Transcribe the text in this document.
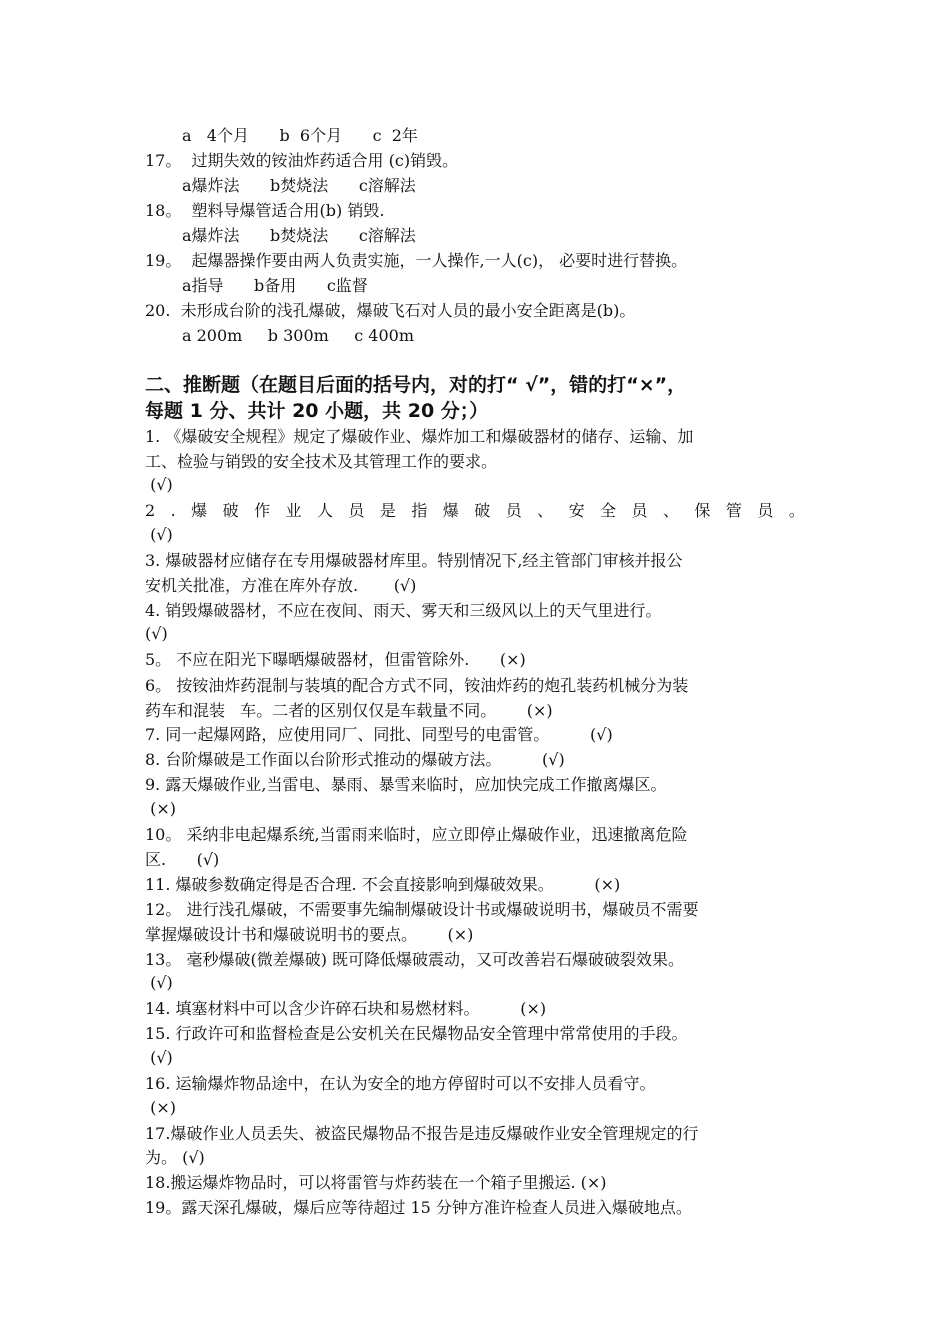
a   4个月      b  6个月      c  2年
17。  过期失效的铵油炸药适合用 (c)销毁。
a爆炸法      b焚烧法      c溶解法
18。  塑料导爆管适合用(b) 销毁.
a爆炸法      b焚烧法      c溶解法
19。  起爆器操作要由两人负责实施，一人操作,一人(c)， 必要时进行替换。
a指导      b备用      c监督
20.  未形成台阶的浅孔爆破，爆破飞石对人员的最小安全距离是(b)。
a 200m     b 300m     c 400m
二、推断题（在题目后面的括号内，对的打“ √”，错的打“×”，
每题 1 分、共计 20 小题，共 20 分；）
1. 《爆破安全规程》规定了爆破作业、爆炸加工和爆破器材的储存、运输、加
工、检验与销毁的安全技术及其管理工作的要求。
(√)
2 . 爆 破 作 业 人 员 是 指 爆 破 员 、 安 全 员 、 保 管 员 。
(√)
3. 爆破器材应储存在专用爆破器材库里。特别情况下,经主管部门审核并报公
安机关批准，方准在库外存放.       (√)
4. 销毁爆破器材，不应在夜间、雨天、雾天和三级风以上的天气里进行。
(√)
5。 不应在阳光下曝晒爆破器材，但雷管除外.      (×)
6。 按铵油炸药混制与装填的配合方式不同，铵油炸药的炮孔装药机械分为装
药车和混装   车。二者的区别仅仅是车载量不同。      (×)
7. 同一起爆网路，应使用同厂、同批、同型号的电雷管。        (√)
8. 台阶爆破是工作面以台阶形式推动的爆破方法。        (√)
9. 露天爆破作业,当雷电、暴雨、暴雪来临时，应加快完成工作撤离爆区。
(×)
10。 采纳非电起爆系统,当雷雨来临时，应立即停止爆破作业，迅速撤离危险
区.      (√)
11. 爆破参数确定得是否合理. 不会直接影响到爆破效果。        (×)
12。 进行浅孔爆破，不需要事先编制爆破设计书或爆破说明书，爆破员不需要
掌握爆破设计书和爆破说明书的要点。      (×)
13。 毫秒爆破(微差爆破) 既可降低爆破震动，又可改善岩石爆破破裂效果。
(√)
14. 填塞材料中可以含少许碎石块和易燃材料。        (×)
15. 行政许可和监督检查是公安机关在民爆物品安全管理中常常使用的手段。
(√)
16. 运输爆炸物品途中，在认为安全的地方停留时可以不安排人员看守。
(×)
17.爆破作业人员丢失、被盗民爆物品不报告是违反爆破作业安全管理规定的行
为。 (√)
18.搬运爆炸物品时，可以将雷管与炸药装在一个箱子里搬运. (×)
19。露天深孔爆破，爆后应等待超过 15 分钟方准许检查人员进入爆破地点。
